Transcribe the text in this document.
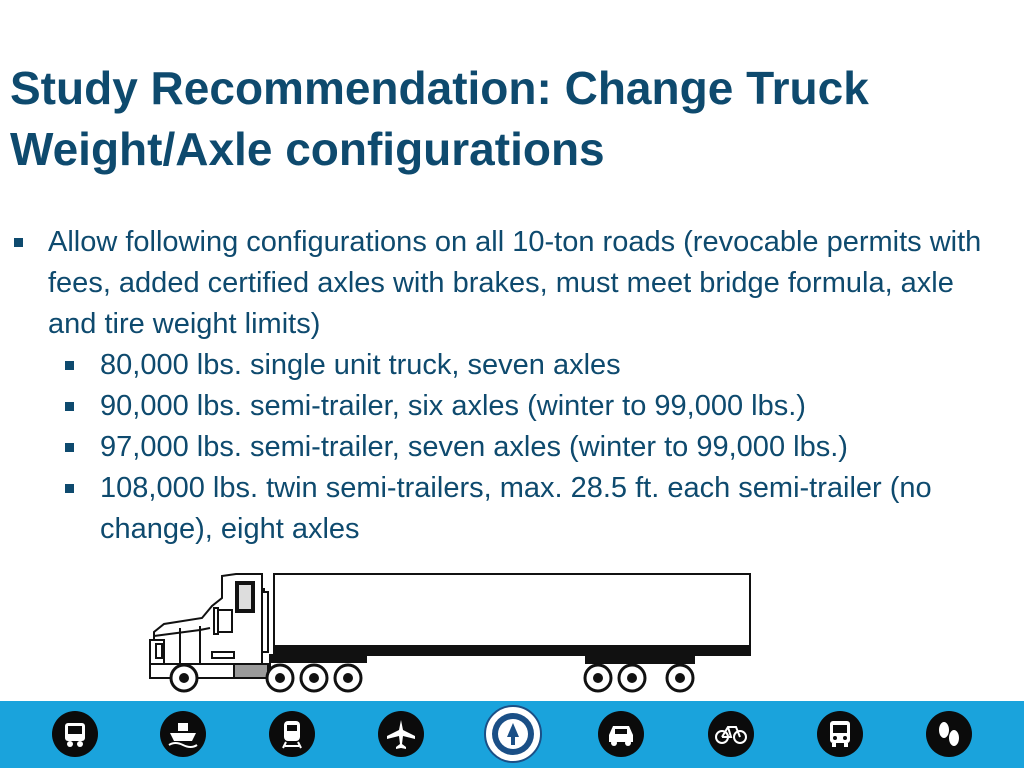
Study Recommendation: Change Truck Weight/Axle configurations
Allow following configurations on all 10-ton roads (revocable permits with fees, added certified axles with brakes, must meet bridge formula, axle and tire weight limits)
80,000 lbs. single unit truck, seven axles
90,000 lbs. semi-trailer, six axles (winter to 99,000 lbs.)
97,000 lbs. semi-trailer, seven axles (winter to 99,000 lbs.)
108,000 lbs. twin semi-trailers, max. 28.5 ft. each semi-trailer (no change), eight axles
